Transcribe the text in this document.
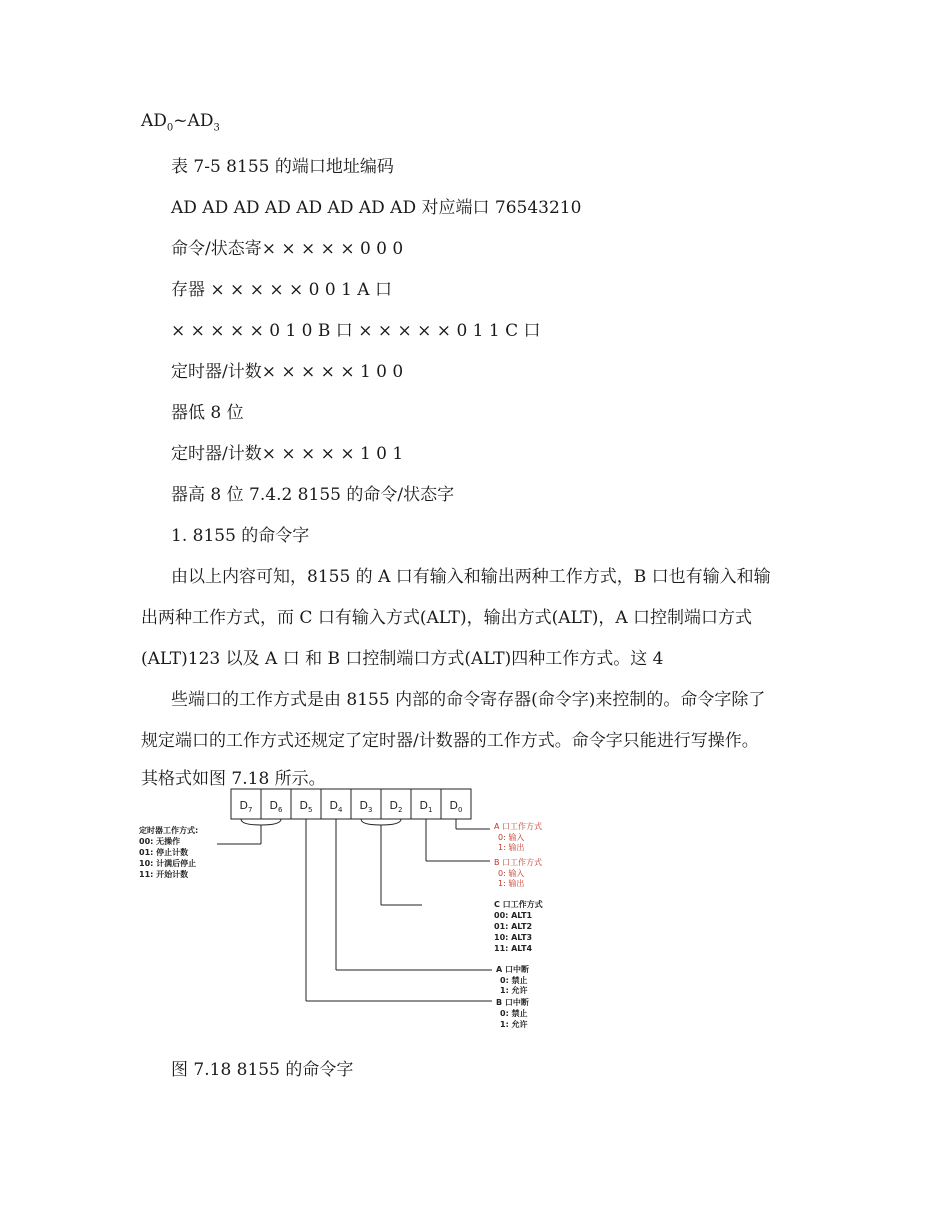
$AD_0\sim AD_3$
表 7-5 8155 的端口地址编码
AD AD AD AD AD AD AD AD 对应端口 76543210
命令/状态寄× × × × × 0 0 0
存器 × × × × × 0 0 1 A 口
× × × × × 0 1 0 B 口 × × × × × 0 1 1 C 口
定时器/计数× × × × × 1 0 0
器低 8 位
定时器/计数× × × × × 1 0 1
器高 8 位 7.4.2 8155 的命令/状态字
1. 8155 的命令字
由以上内容可知，8155 的 A 口有输入和输出两种工作方式，B 口也有输入和输
出两种工作方式，而 C 口有输入方式(ALT)，输出方式(ALT)，A 口控制端口方式
(ALT)123 以及 A 口 和 B 口控制端口方式(ALT)四种工作方式。这 4
些端口的工作方式是由 8155 内部的命令寄存器(命令字)来控制的。命令字除了
规定端口的工作方式还规定了定时器/计数器的工作方式。命令字只能进行写操作。
其格式如图 7.18 所示。
$D_7$ $D_6$ $D_5$ $D_4$ $D_3$ $D_2$ $D_1$ $D_0$
定时器工作方式:
00: 无操作
01: 停止计数
10: 计满后停止
11: 开始计数
A 口工作方式
0: 输入
1: 输出
B 口工作方式
0: 输入
1: 输出
C 口工作方式
00: ALT1
01: ALT2
10: ALT3
11: ALT4
A 口中断
0: 禁止
1: 允许
B 口中断
0: 禁止
1: 允许
图 7.18 8155 的命令字
